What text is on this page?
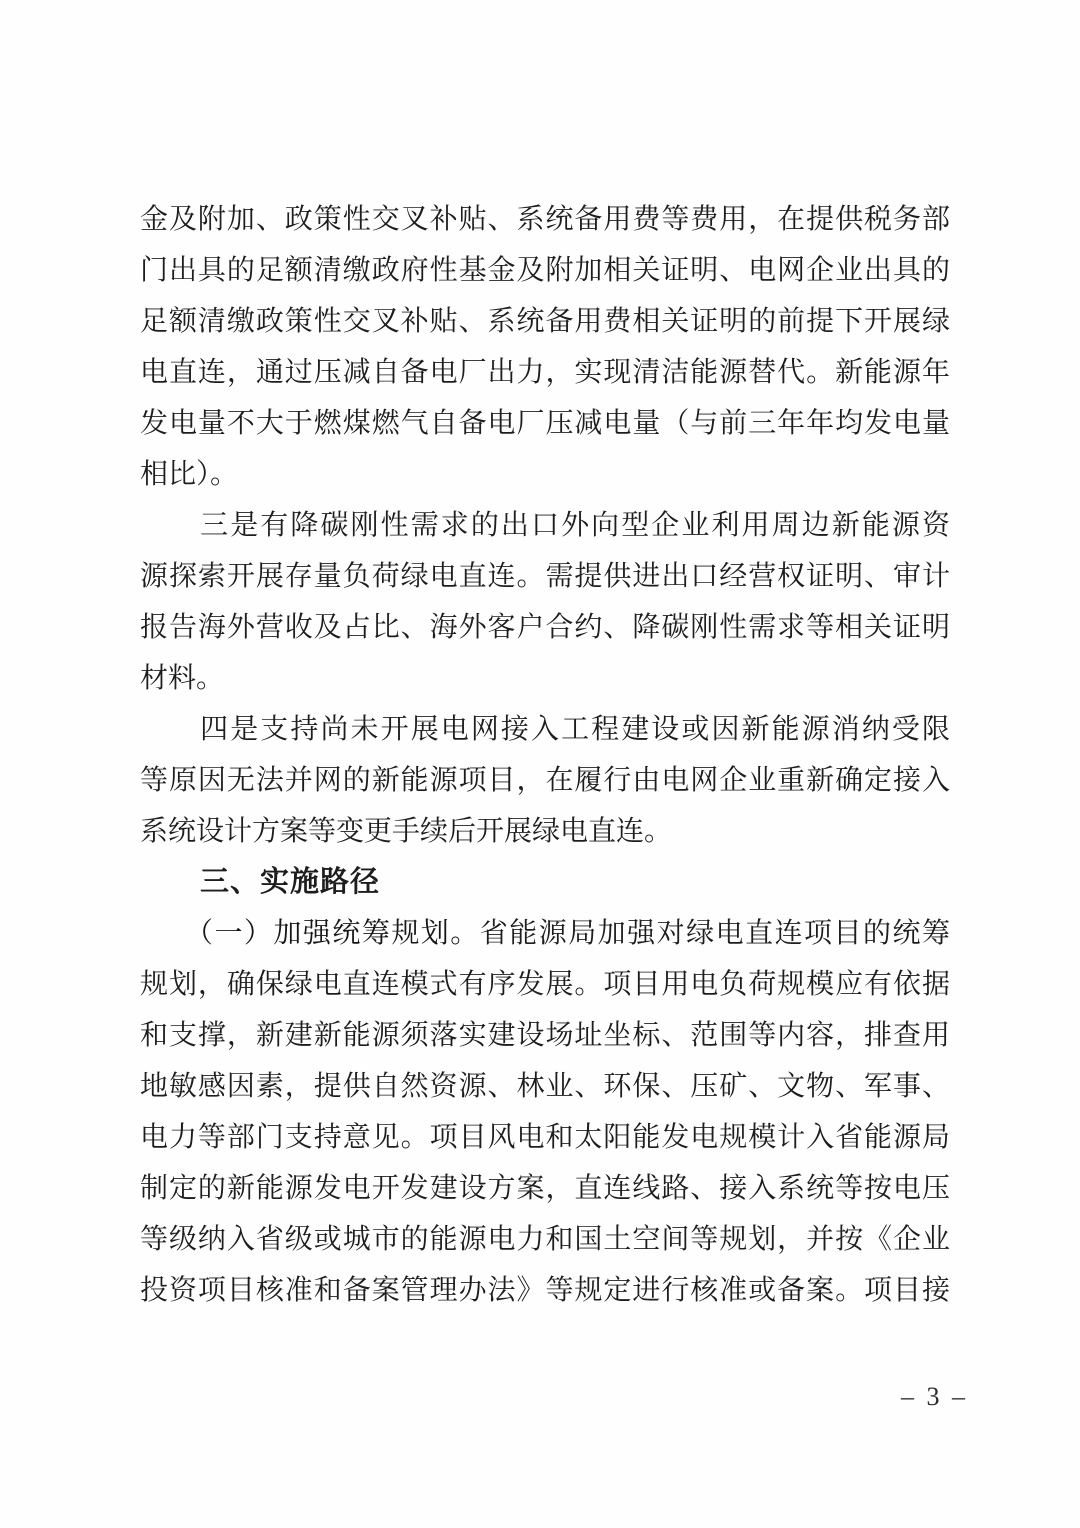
金及附加、政策性交叉补贴、系统备用费等费用，在提供税务部
门出具的足额清缴政府性基金及附加相关证明、电网企业出具的
足额清缴政策性交叉补贴、系统备用费相关证明的前提下开展绿
电直连，通过压减自备电厂出力，实现清洁能源替代。新能源年
发电量不大于燃煤燃气自备电厂压减电量（与前三年年均发电量
相比）。
　　三是有降碳刚性需求的出口外向型企业利用周边新能源资
源探索开展存量负荷绿电直连。需提供进出口经营权证明、审计
报告海外营收及占比、海外客户合约、降碳刚性需求等相关证明
材料。
　　四是支持尚未开展电网接入工程建设或因新能源消纳受限
等原因无法并网的新能源项目，在履行由电网企业重新确定接入
系统设计方案等变更手续后开展绿电直连。
　　三、实施路径
　　（一）加强统筹规划。省能源局加强对绿电直连项目的统筹
规划，确保绿电直连模式有序发展。项目用电负荷规模应有依据
和支撑，新建新能源须落实建设场址坐标、范围等内容，排查用
地敏感因素，提供自然资源、林业、环保、压矿、文物、军事、
电力等部门支持意见。项目风电和太阳能发电规模计入省能源局
制定的新能源发电开发建设方案，直连线路、接入系统等按电压
等级纳入省级或城市的能源电力和国土空间等规划，并按《企业
投资项目核准和备案管理办法》等规定进行核准或备案。项目接
– 3 –
